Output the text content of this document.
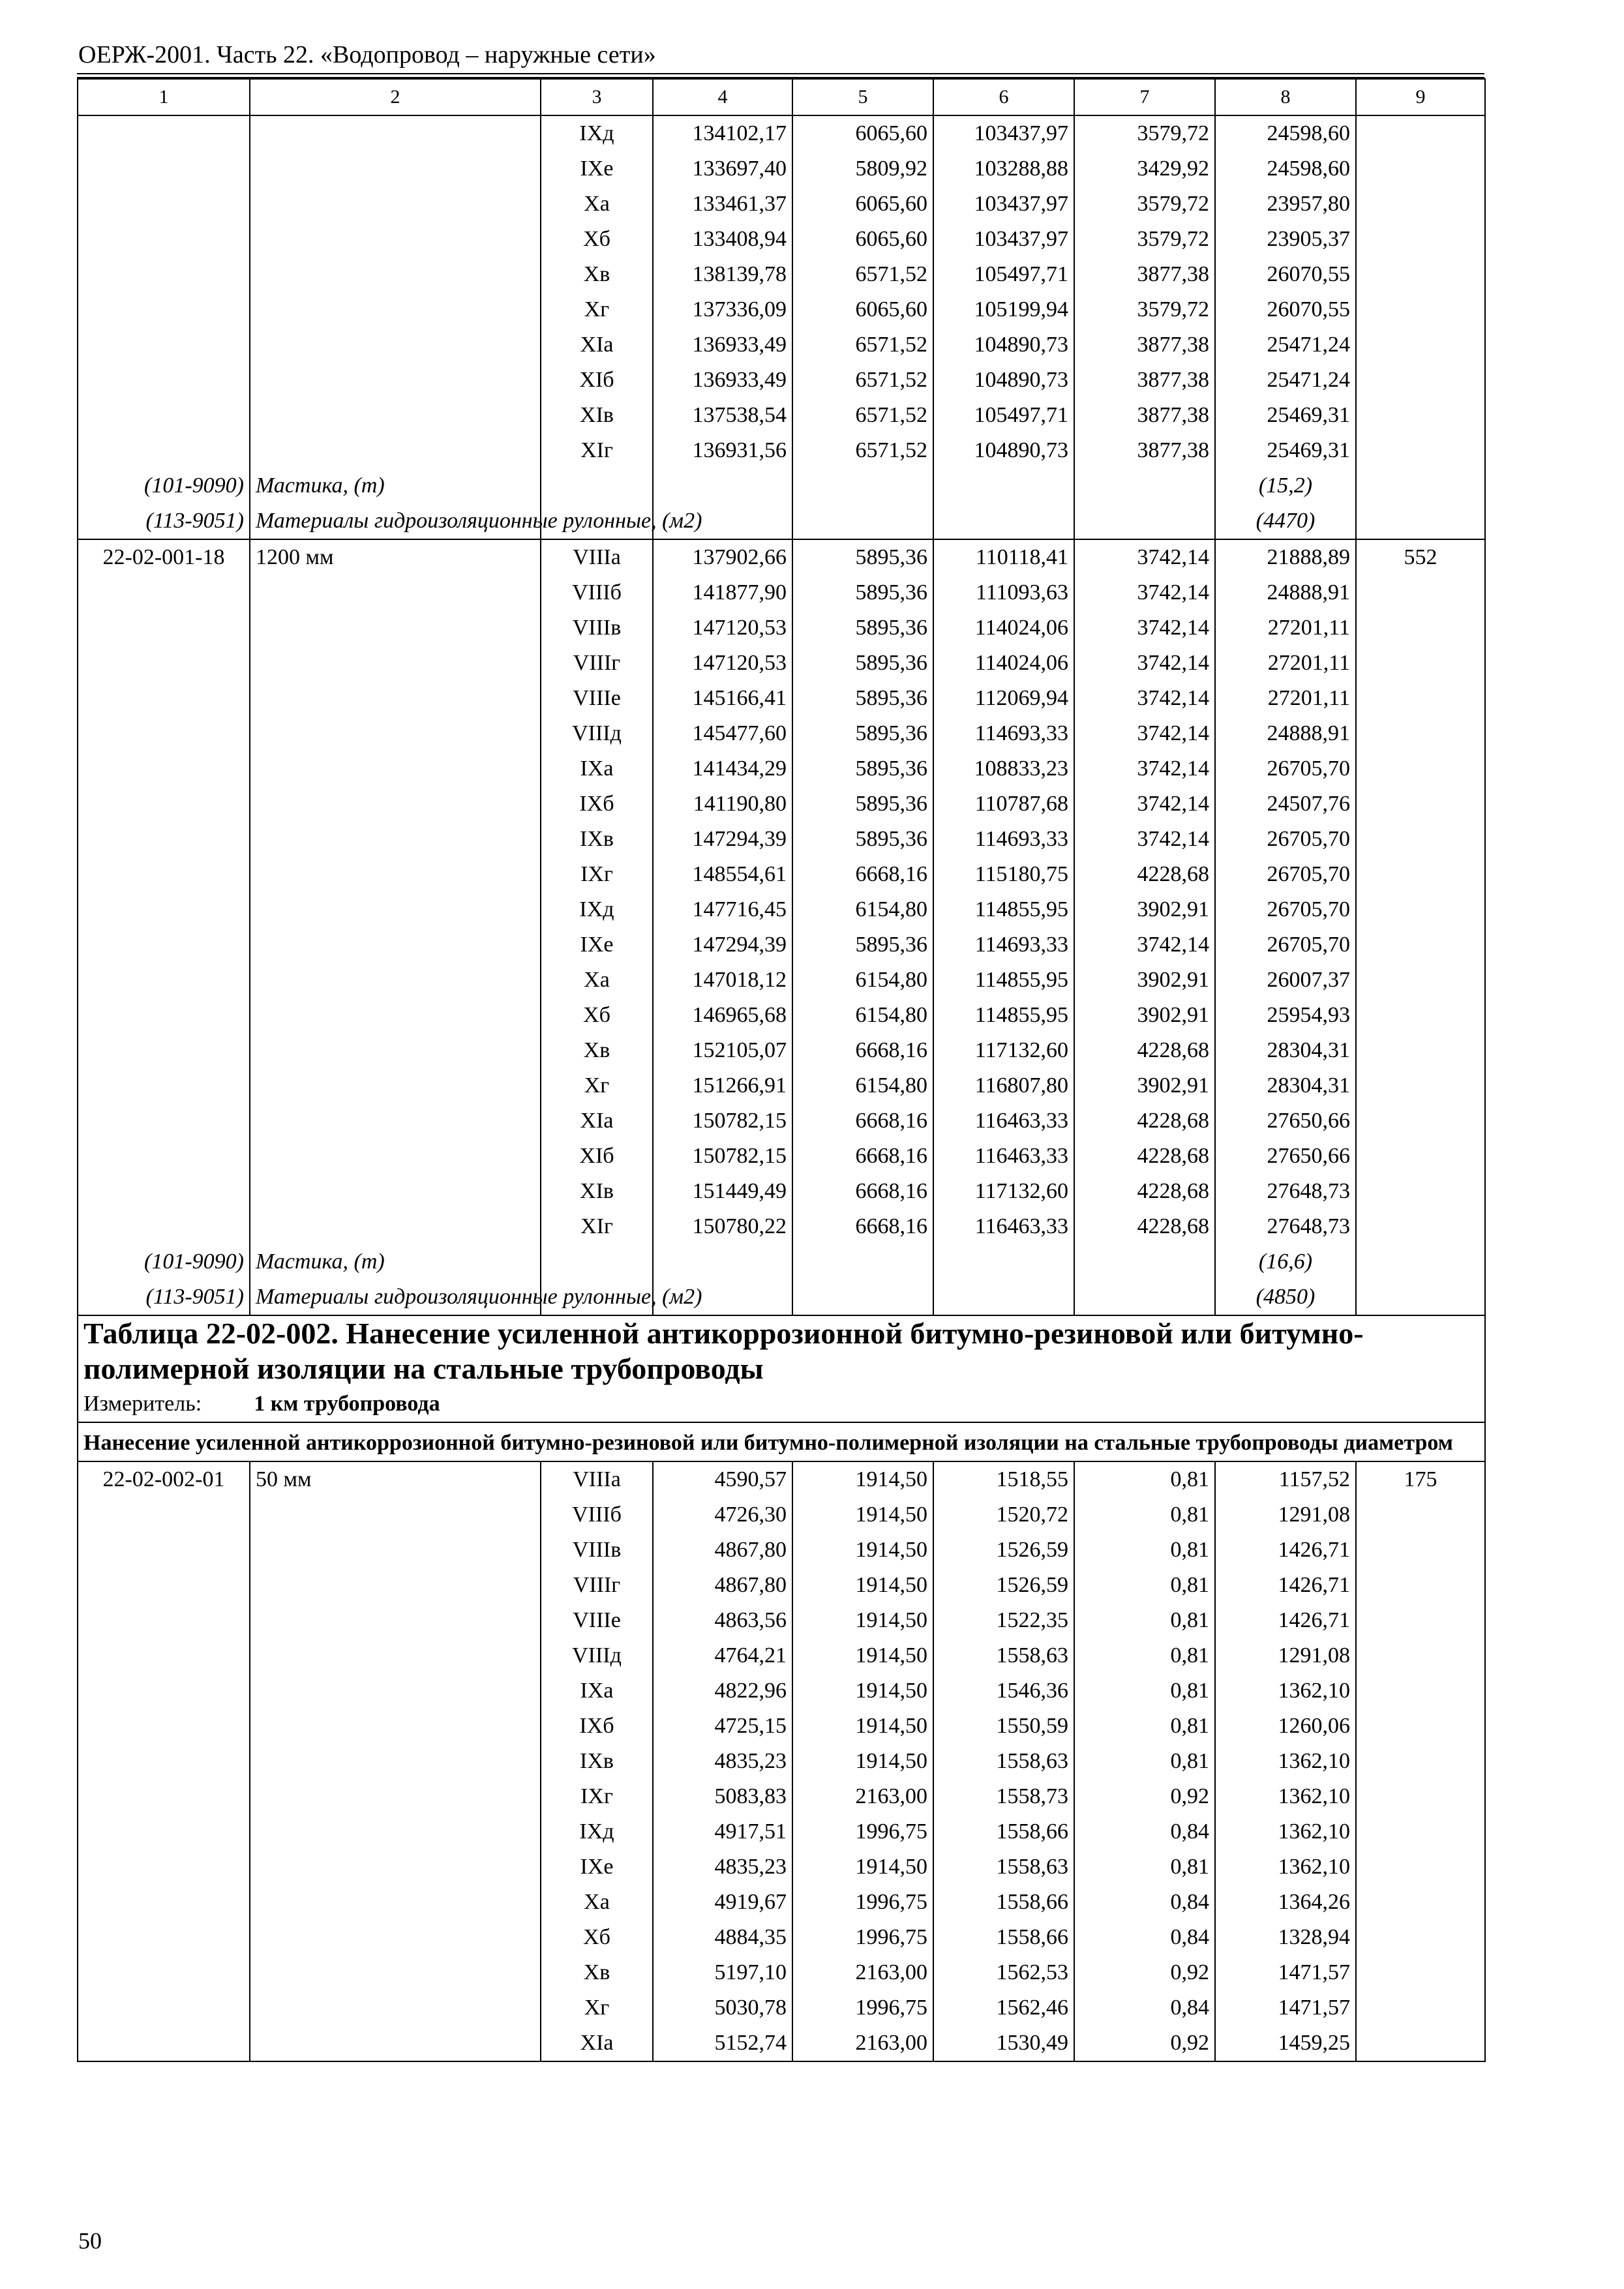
ОЕРЖ-2001. Часть 22. «Водопровод – наружные сети»
1	2	3	4	5	6	7	8	9
		IXд	134102,17	6065,60	103437,97	3579,72	24598,60	
		IXе	133697,40	5809,92	103288,88	3429,92	24598,60	
		Xа	133461,37	6065,60	103437,97	3579,72	23957,80	
		Xб	133408,94	6065,60	103437,97	3579,72	23905,37	
		Xв	138139,78	6571,52	105497,71	3877,38	26070,55	
		Xг	137336,09	6065,60	105199,94	3579,72	26070,55	
		XIа	136933,49	6571,52	104890,73	3877,38	25471,24	
		XIб	136933,49	6571,52	104890,73	3877,38	25471,24	
		XIв	137538,54	6571,52	105497,71	3877,38	25469,31	
		XIг	136931,56	6571,52	104890,73	3877,38	25469,31	
(101-9090)	Мастика, (т)						(15,2)	
(113-9051)	Материалы гидроизоляционные рулонные, (м2)						(4470)	
22-02-001-18	1200 мм	VIIIа	137902,66	5895,36	110118,41	3742,14	21888,89	552
		VIIIб	141877,90	5895,36	111093,63	3742,14	24888,91	
		VIIIв	147120,53	5895,36	114024,06	3742,14	27201,11	
		VIIIг	147120,53	5895,36	114024,06	3742,14	27201,11	
		VIIIе	145166,41	5895,36	112069,94	3742,14	27201,11	
		VIIIд	145477,60	5895,36	114693,33	3742,14	24888,91	
		IXа	141434,29	5895,36	108833,23	3742,14	26705,70	
		IXб	141190,80	5895,36	110787,68	3742,14	24507,76	
		IXв	147294,39	5895,36	114693,33	3742,14	26705,70	
		IXг	148554,61	6668,16	115180,75	4228,68	26705,70	
		IXд	147716,45	6154,80	114855,95	3902,91	26705,70	
		IXе	147294,39	5895,36	114693,33	3742,14	26705,70	
		Xа	147018,12	6154,80	114855,95	3902,91	26007,37	
		Xб	146965,68	6154,80	114855,95	3902,91	25954,93	
		Xв	152105,07	6668,16	117132,60	4228,68	28304,31	
		Xг	151266,91	6154,80	116807,80	3902,91	28304,31	
		XIа	150782,15	6668,16	116463,33	4228,68	27650,66	
		XIб	150782,15	6668,16	116463,33	4228,68	27650,66	
		XIв	151449,49	6668,16	117132,60	4228,68	27648,73	
		XIг	150780,22	6668,16	116463,33	4228,68	27648,73	
(101-9090)	Мастика, (т)						(16,6)	
(113-9051)	Материалы гидроизоляционные рулонные, (м2)						(4850)	
Таблица 22-02-002. Нанесение усиленной антикоррозионной битумно-резиновой или битумно-полимерной изоляции на стальные трубопроводы								
Измеритель: 1 км трубопровода								
Нанесение усиленной антикоррозионной битумно-резиновой или битумно-полимерной изоляции на стальные трубопроводы диаметром								
22-02-002-01	50 мм	VIIIа	4590,57	1914,50	1518,55	0,81	1157,52	175
		VIIIб	4726,30	1914,50	1520,72	0,81	1291,08	
		VIIIв	4867,80	1914,50	1526,59	0,81	1426,71	
		VIIIг	4867,80	1914,50	1526,59	0,81	1426,71	
		VIIIе	4863,56	1914,50	1522,35	0,81	1426,71	
		VIIIд	4764,21	1914,50	1558,63	0,81	1291,08	
		IXа	4822,96	1914,50	1546,36	0,81	1362,10	
		IXб	4725,15	1914,50	1550,59	0,81	1260,06	
		IXв	4835,23	1914,50	1558,63	0,81	1362,10	
		IXг	5083,83	2163,00	1558,73	0,92	1362,10	
		IXд	4917,51	1996,75	1558,66	0,84	1362,10	
		IXе	4835,23	1914,50	1558,63	0,81	1362,10	
		Xа	4919,67	1996,75	1558,66	0,84	1364,26	
		Xб	4884,35	1996,75	1558,66	0,84	1328,94	
		Xв	5197,10	2163,00	1562,53	0,92	1471,57	
		Xг	5030,78	1996,75	1562,46	0,84	1471,57	
		XIа	5152,74	2163,00	1530,49	0,92	1459,25	
50
